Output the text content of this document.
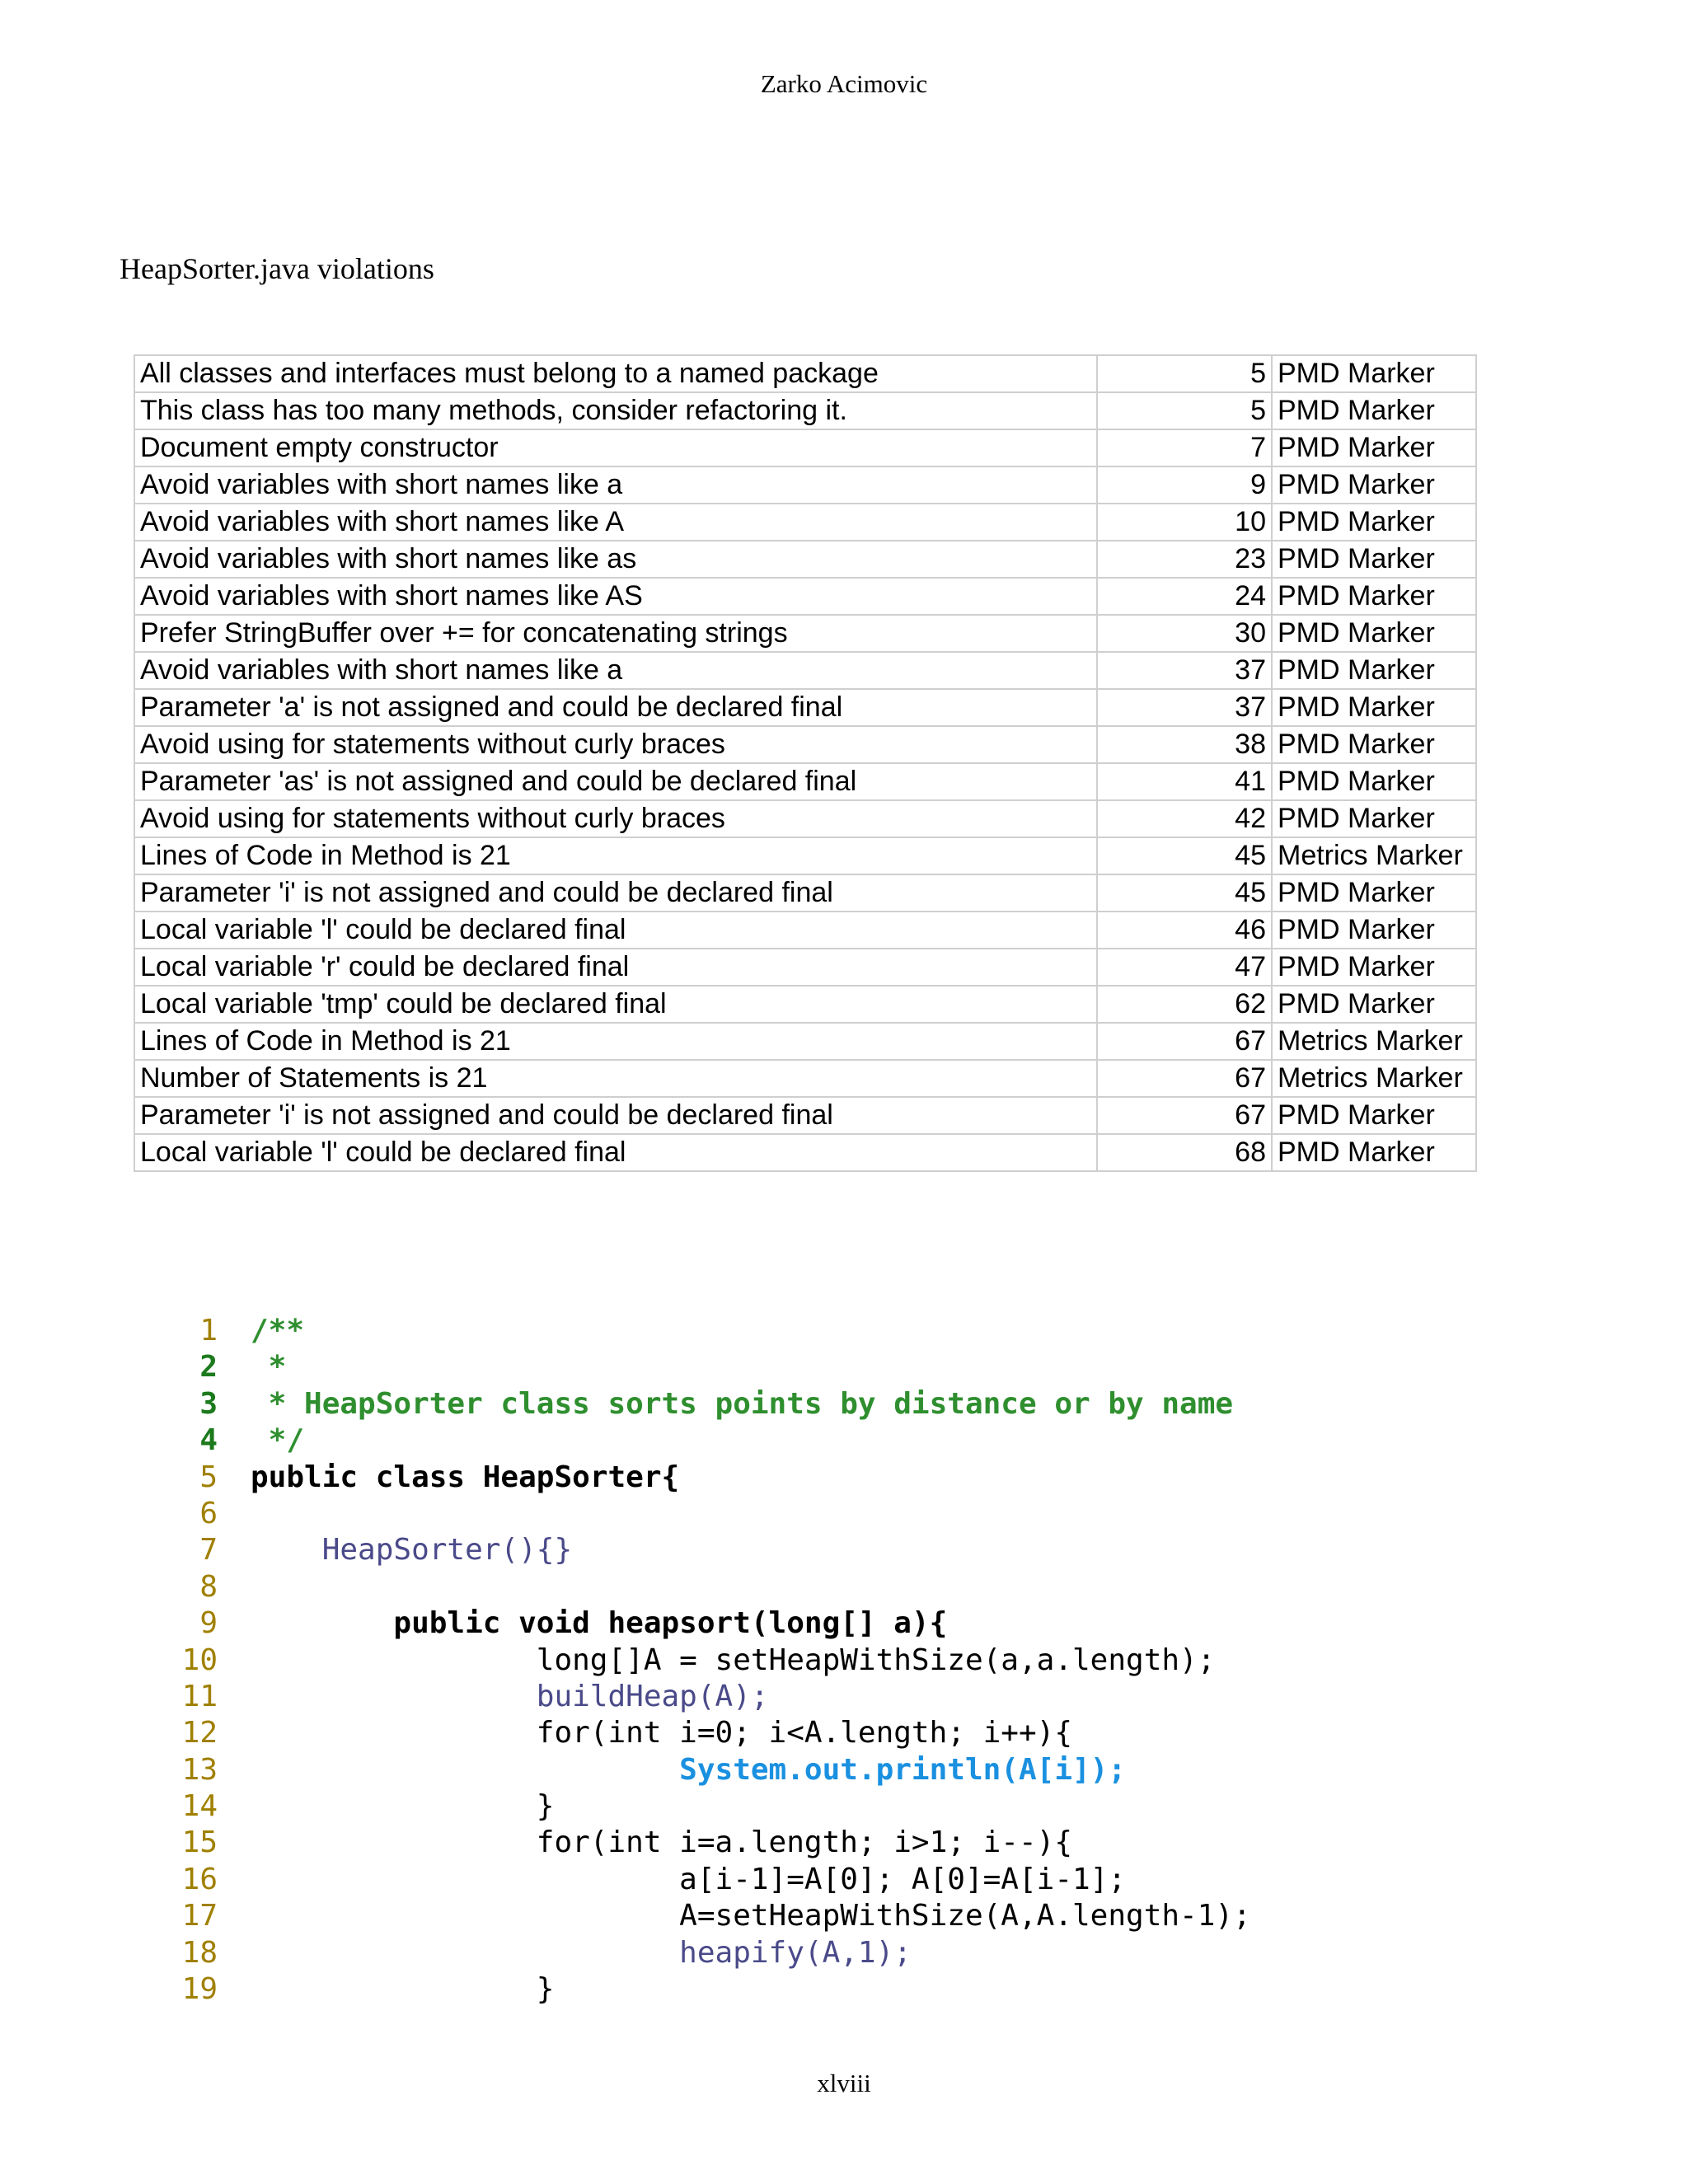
Zarko Acimovic
HeapSorter.java violations
All classes and interfaces must belong to a named package	5	PMD Marker
This class has too many methods, consider refactoring it.	5	PMD Marker
Document empty constructor	7	PMD Marker
Avoid variables with short names like a	9	PMD Marker
Avoid variables with short names like A	10	PMD Marker
Avoid variables with short names like as	23	PMD Marker
Avoid variables with short names like AS	24	PMD Marker
Prefer StringBuffer over += for concatenating strings	30	PMD Marker
Avoid variables with short names like a	37	PMD Marker
Parameter 'a' is not assigned and could be declared final	37	PMD Marker
Avoid using for statements without curly braces	38	PMD Marker
Parameter 'as' is not assigned and could be declared final	41	PMD Marker
Avoid using for statements without curly braces	42	PMD Marker
Lines of Code in Method is 21	45	Metrics Marker
Parameter 'i' is not assigned and could be declared final	45	PMD Marker
Local variable 'l' could be declared final	46	PMD Marker
Local variable 'r' could be declared final	47	PMD Marker
Local variable 'tmp' could be declared final	62	PMD Marker
Lines of Code in Method is 21	67	Metrics Marker
Number of Statements is 21	67	Metrics Marker
Parameter 'i' is not assigned and could be declared final	67	PMD Marker
Local variable 'l' could be declared final	68	PMD Marker
1 /**
2 *
3 * HeapSorter class sorts points by distance or by name
4 */
5 public class HeapSorter{
6
7    HeapSorter(){}
8
9        public void heapsort(long[] a){
10                long[]A = setHeapWithSize(a,a.length);
11                buildHeap(A);
12                for(int i=0; i<A.length; i++){
13                        System.out.println(A[i]);
14                }
15                for(int i=a.length; i>1; i--){
16                        a[i-1]=A[0]; A[0]=A[i-1];
17                        A=setHeapWithSize(A,A.length-1);
18                        heapify(A,1);
19                }
xlviii
